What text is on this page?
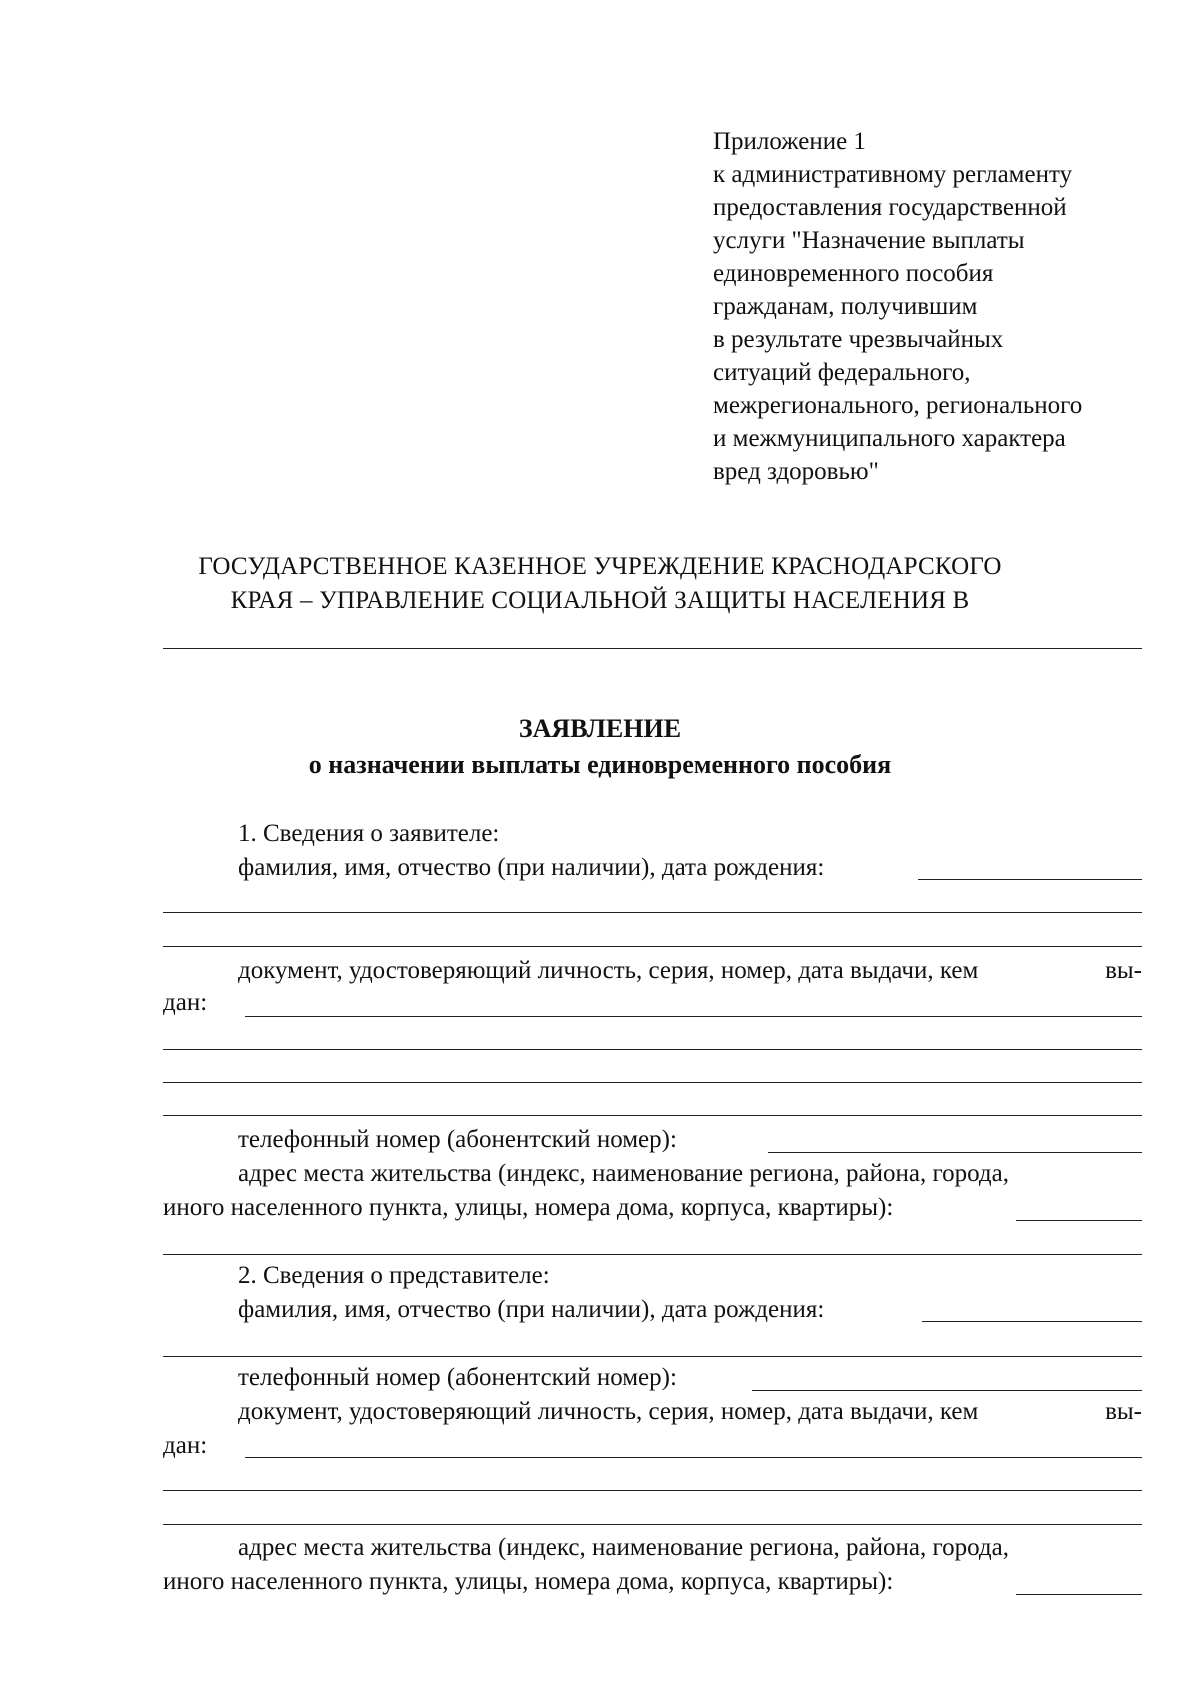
Приложение 1
к административному регламенту
предоставления государственной
услуги "Назначение выплаты
единовременного пособия
гражданам, получившим
в результате чрезвычайных
ситуаций федерального,
межрегионального, регионального
и межмуниципального характера
вред здоровью"
ГОСУДАРСТВЕННОЕ КАЗЕННОЕ УЧРЕЖДЕНИЕ КРАСНОДАРСКОГО
КРАЯ – УПРАВЛЕНИЕ СОЦИАЛЬНОЙ ЗАЩИТЫ НАСЕЛЕНИЯ В
ЗАЯВЛЕНИЕ
о назначении выплаты единовременного пособия
1. Сведения о заявителе:
фамилия, имя, отчество (при наличии), дата рождения:
документ, удостоверяющий личность, серия, номер, дата выдачи, кем	вы-
дан:
телефонный номер (абонентский номер):
адрес места жительства (индекс, наименование региона, района, города,
иного населенного пункта, улицы, номера дома, корпуса, квартиры):
2. Сведения о представителе:
фамилия, имя, отчество (при наличии), дата рождения:
телефонный номер (абонентский номер):
документ, удостоверяющий личность, серия, номер, дата выдачи, кем	вы-
дан:
адрес места жительства (индекс, наименование региона, района, города,
иного населенного пункта, улицы, номера дома, корпуса, квартиры):
